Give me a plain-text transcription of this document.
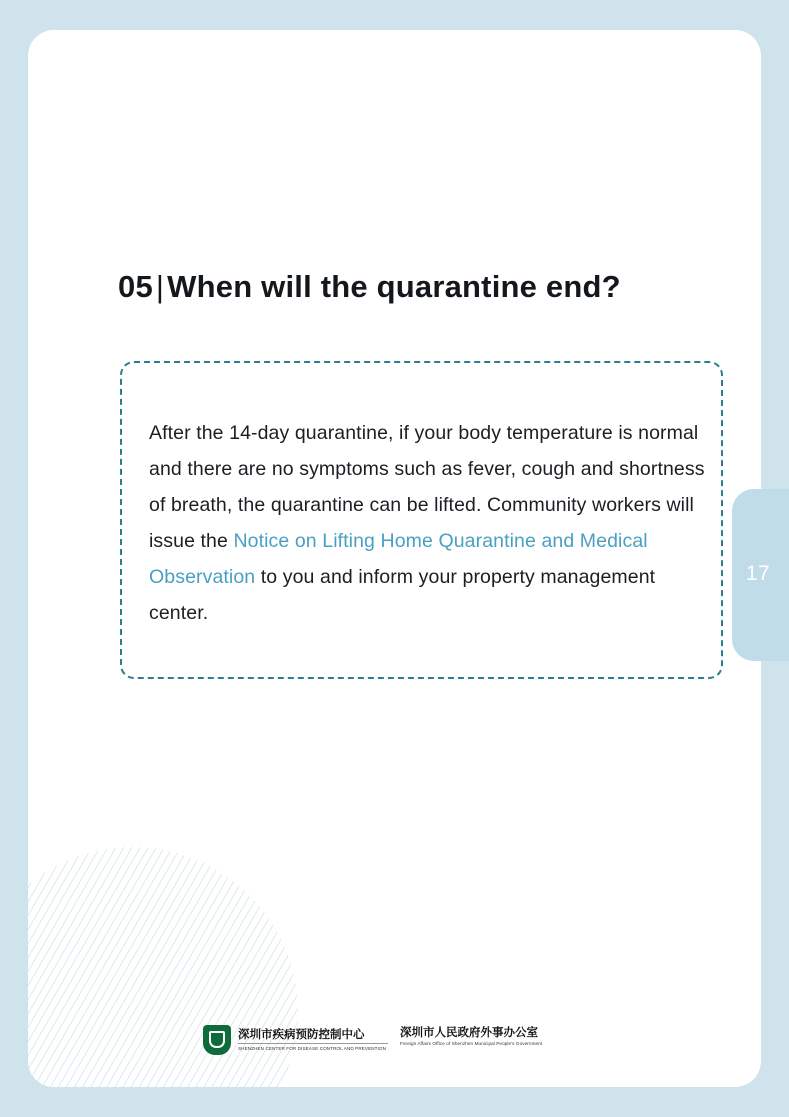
05|When will the quarantine end?

After the 14-day quarantine, if your body temperature is normal and there are no symptoms such as fever, cough and shortness of breath, the quarantine can be lifted. Community workers will issue the Notice on Lifting Home Quarantine and Medical Observation to you and inform your property management center.

深圳市疾病预防控制中心
SHENZHEN CENTER FOR DISEASE CONTROL AND PREVENTION
深圳市人民政府外事办公室
Foreign Affairs Office of Shenzhen Municipal People's Government
17
